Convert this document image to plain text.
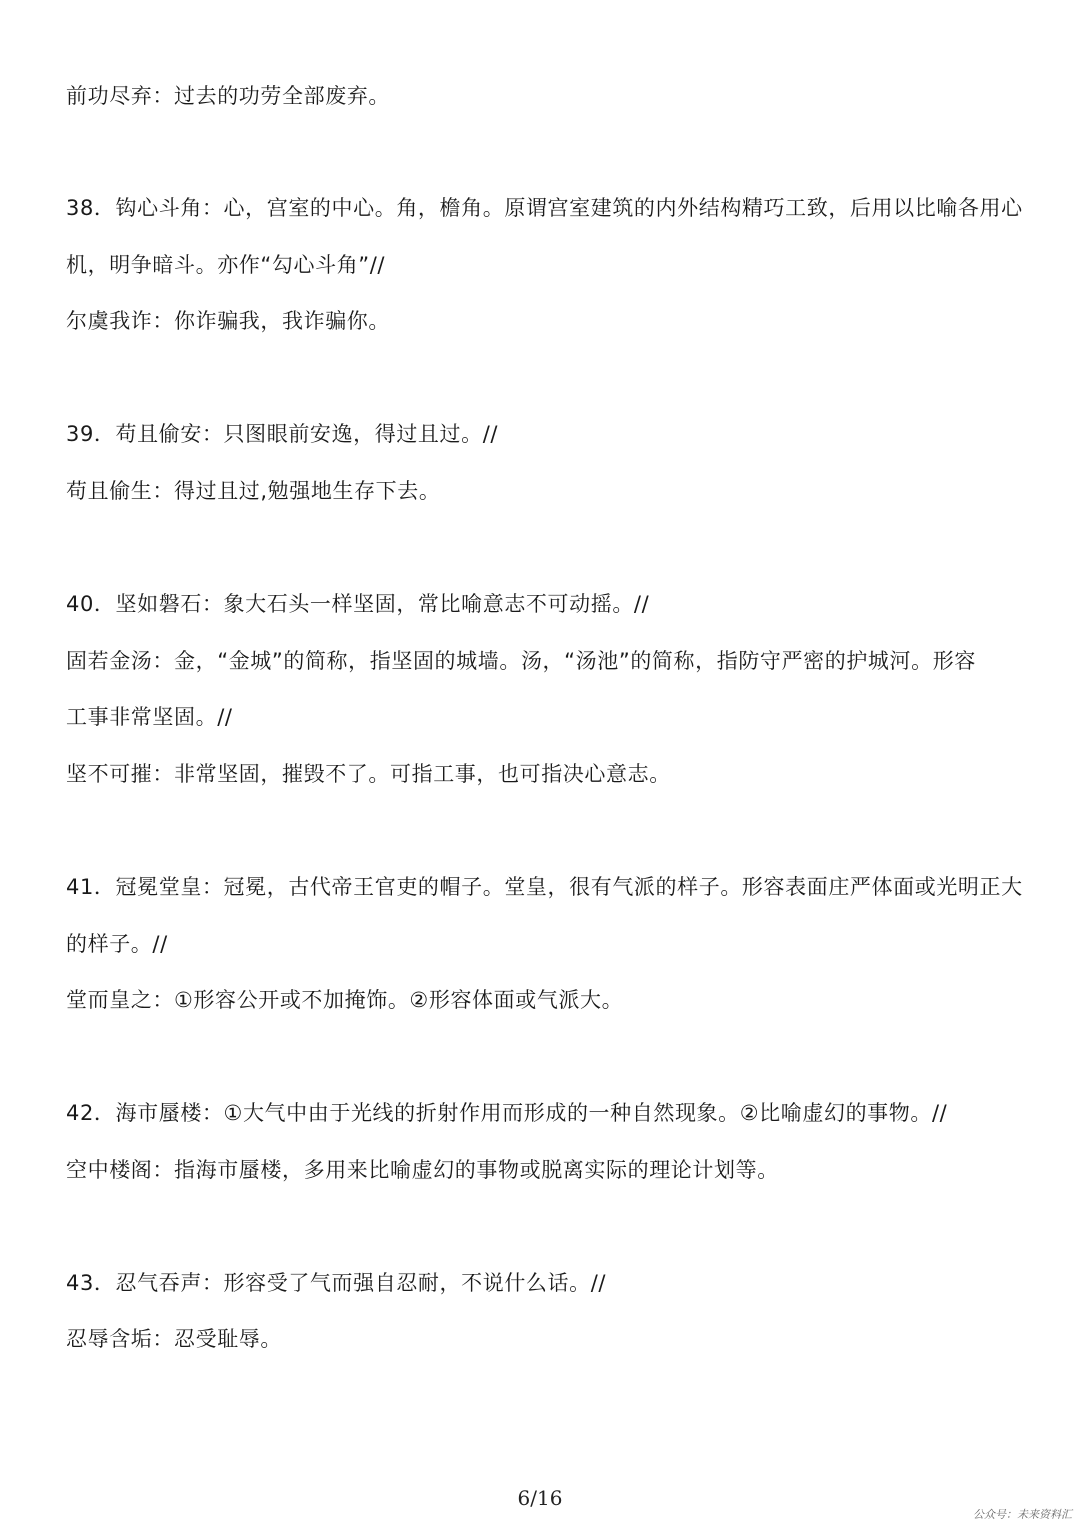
前功尽弃：过去的功劳全部废弃。
38．钩心斗角：心，宫室的中心。角，檐角。原谓宫室建筑的内外结构精巧工致，后用以比喻各用心
机，明争暗斗。亦作“勾心斗角”//
尔虞我诈：你诈骗我，我诈骗你。
39．苟且偷安：只图眼前安逸，得过且过。//
苟且偷生：得过且过,勉强地生存下去。
40．坚如磐石：象大石头一样坚固，常比喻意志不可动摇。//
固若金汤：金，“金城”的简称，指坚固的城墙。汤，“汤池”的简称，指防守严密的护城河。形容
工事非常坚固。//
坚不可摧：非常坚固，摧毁不了。可指工事，也可指决心意志。
41．冠冕堂皇：冠冕，古代帝王官吏的帽子。堂皇，很有气派的样子。形容表面庄严体面或光明正大
的样子。//
堂而皇之：①形容公开或不加掩饰。②形容体面或气派大。
42．海市蜃楼：①大气中由于光线的折射作用而形成的一种自然现象。②比喻虚幻的事物。//
空中楼阁：指海市蜃楼，多用来比喻虚幻的事物或脱离实际的理论计划等。
43．忍气吞声：形容受了气而强自忍耐，不说什么话。//
忍辱含垢：忍受耻辱。
6/16
公众号：未来资料汇
